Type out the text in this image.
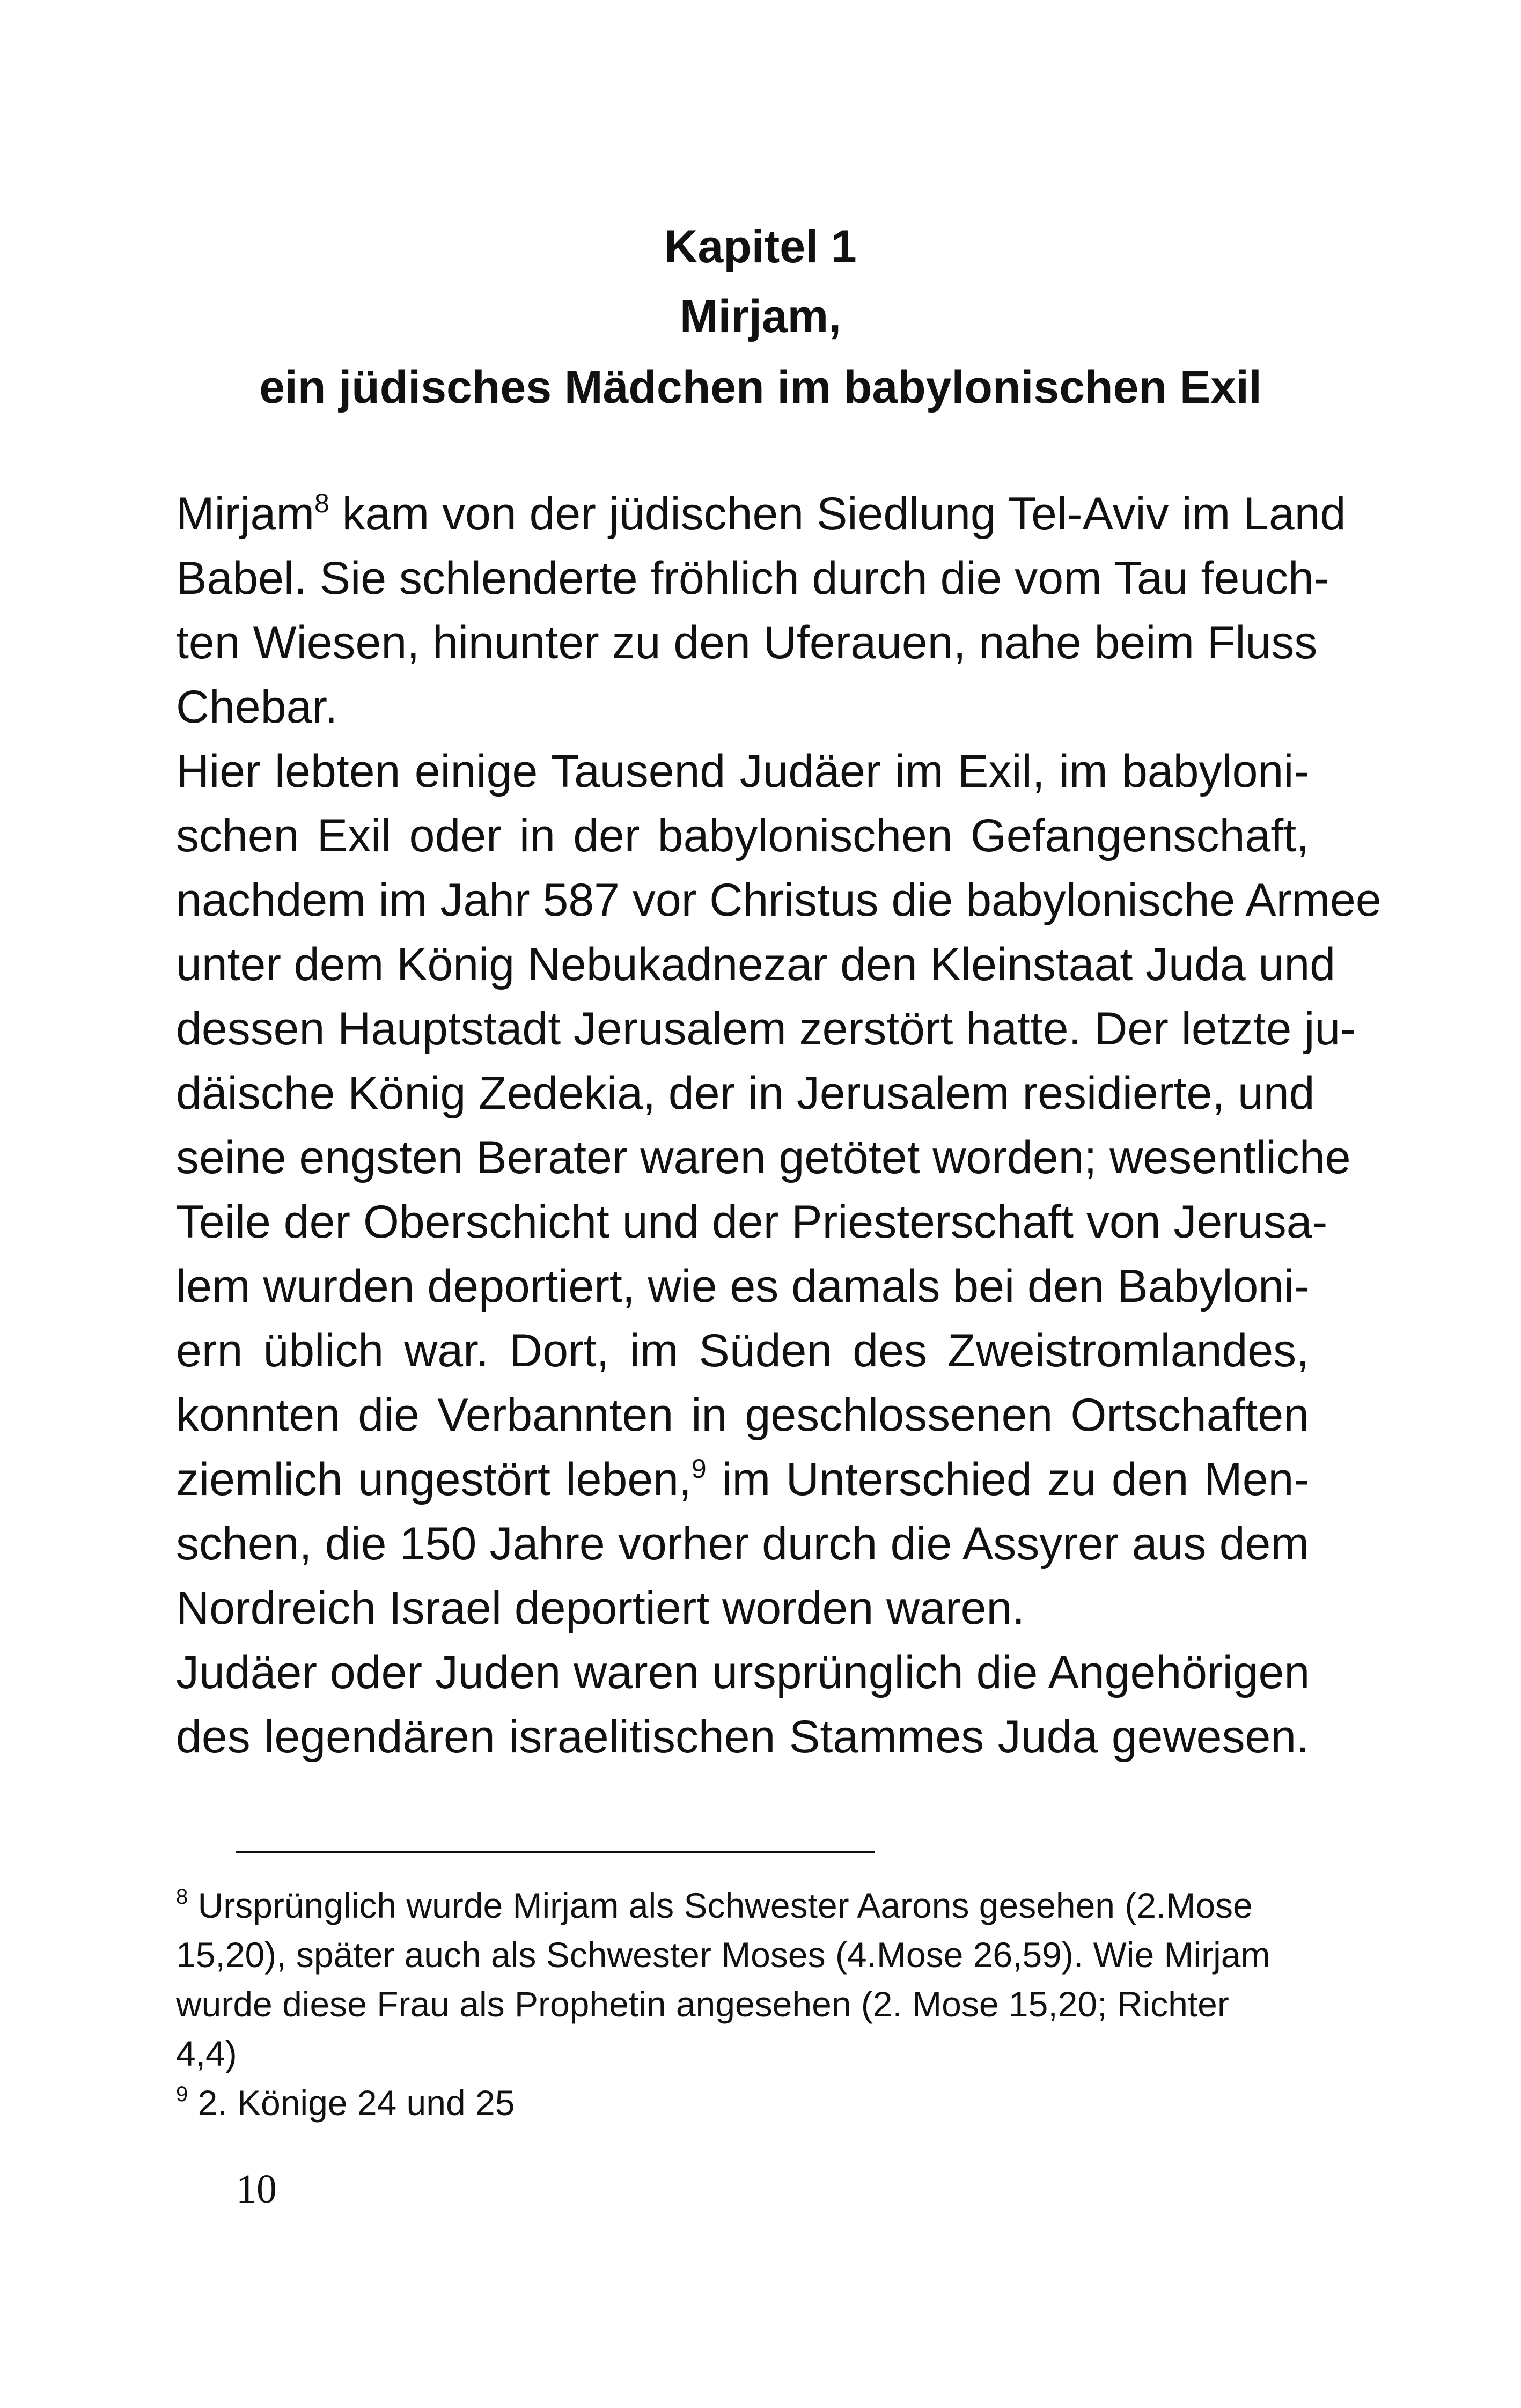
Kapitel 1
Mirjam,
ein jüdisches Mädchen im babylonischen Exil
Mirjam$^8$ kam von der jüdischen Siedlung Tel-Aviv im Land
Babel. Sie schlenderte fröhlich durch die vom Tau feuch-
ten Wiesen, hinunter zu den Uferauen, nahe beim Fluss
Chebar.
Hier lebten einige Tausend Judäer im Exil, im babyloni-
schen Exil oder in der babylonischen Gefangenschaft,
nachdem im Jahr 587 vor Christus die babylonische Armee
unter dem König Nebukadnezar den Kleinstaat Juda und
dessen Hauptstadt Jerusalem zerstört hatte. Der letzte ju-
däische König Zedekia, der in Jerusalem residierte, und
seine engsten Berater waren getötet worden; wesentliche
Teile der Oberschicht und der Priesterschaft von Jerusa-
lem wurden deportiert, wie es damals bei den Babyloni-
ern üblich war. Dort, im Süden des Zweistromlandes,
konnten die Verbannten in geschlossenen Ortschaften
ziemlich ungestört leben,$^9$ im Unterschied zu den Men-
schen, die 150 Jahre vorher durch die Assyrer aus dem
Nordreich Israel deportiert worden waren.
Judäer oder Juden waren ursprünglich die Angehörigen
des legendären israelitischen Stammes Juda gewesen.
$^8$ Ursprünglich wurde Mirjam als Schwester Aarons gesehen (2.Mose
15,20), später auch als Schwester Moses (4.Mose 26,59). Wie Mirjam
wurde diese Frau als Prophetin angesehen (2. Mose 15,20; Richter
4,4)
$^9$ 2. Könige 24 und 25
10
